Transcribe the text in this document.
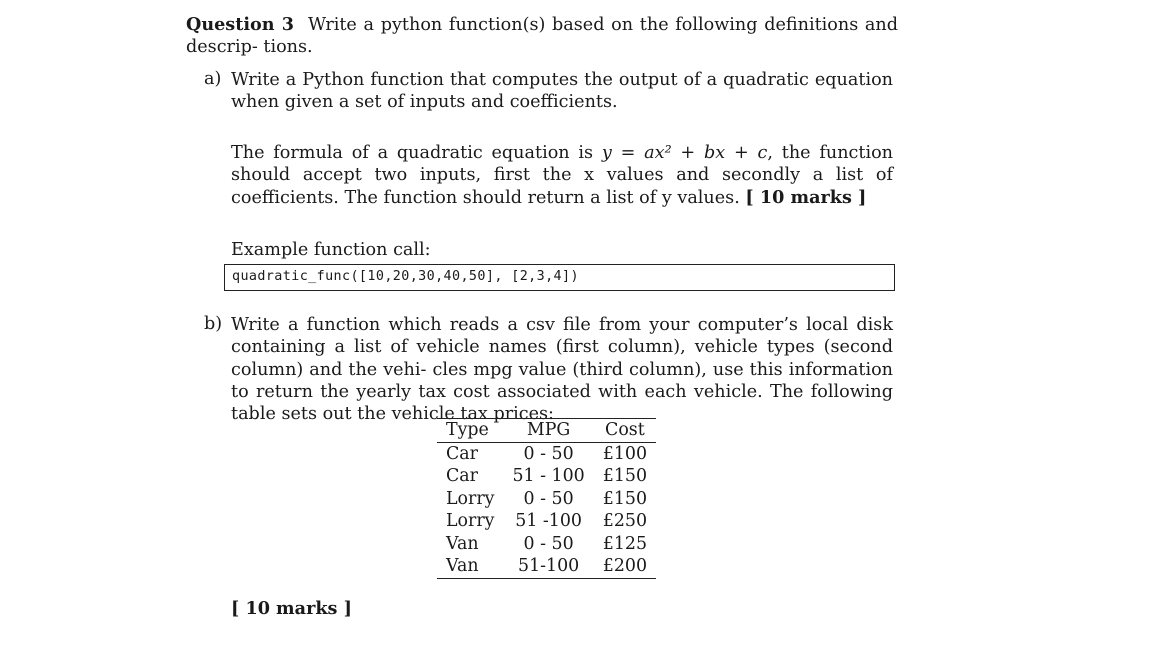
Question 3 Write a python function(s) based on the following definitions and descrip- tions.
a) Write a Python function that computes the output of a quadratic equation when given a set of inputs and coefficients.
The formula of a quadratic equation is y = ax² + bx + c, the function should accept two inputs, first the x values and secondly a list of coefficients. The function should return a list of y values. [ 10 marks ]
Example function call:
quadratic_func([10,20,30,40,50], [2,3,4])
b) Write a function which reads a csv file from your computer’s local disk containing a list of vehicle names (first column), vehicle types (second column) and the vehi- cles mpg value (third column), use this information to return the yearly tax cost associated with each vehicle. The following table sets out the vehicle tax prices:
Type	MPG	Cost
Car	0 - 50	£100
Car	51 - 100	£150
Lorry	0 - 50	£150
Lorry	51 -100	£250
Van	0 - 50	£125
Van	51-100	£200
[ 10 marks ]
